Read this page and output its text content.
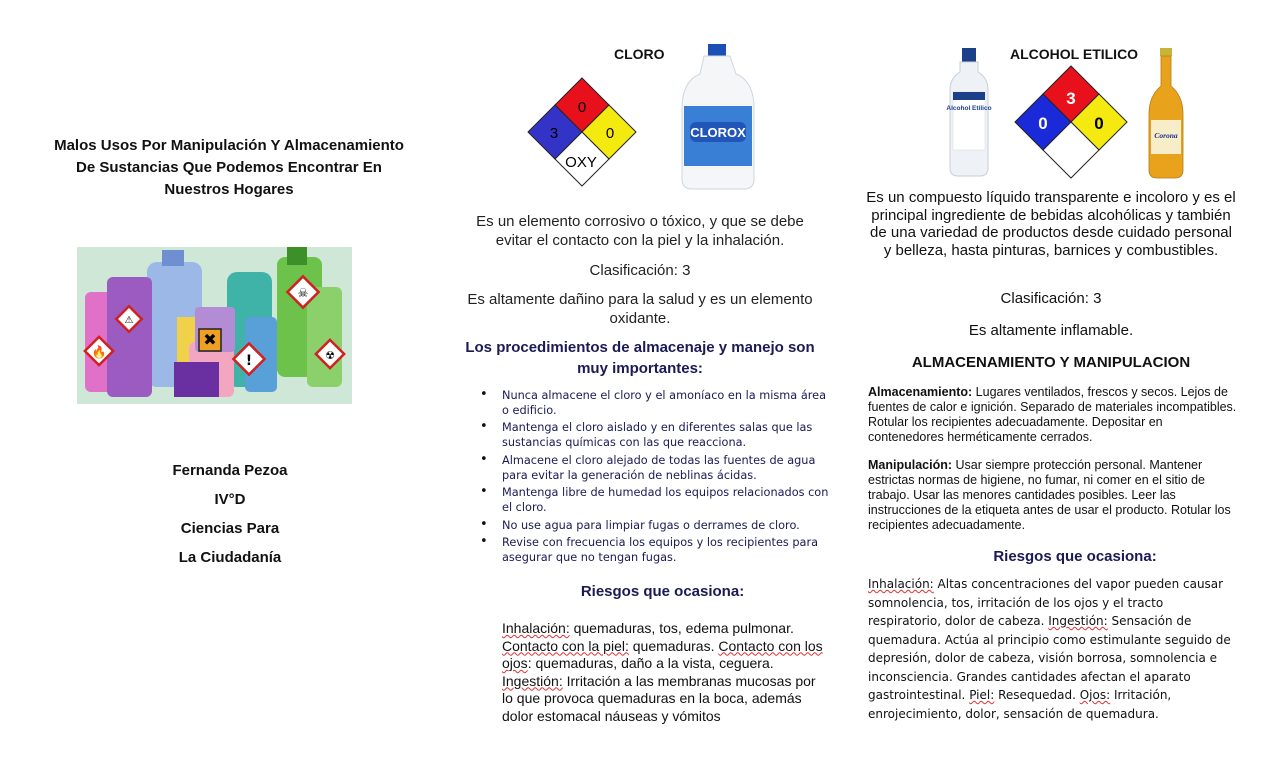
Malos Usos Por Manipulación Y Almacenamiento De Sustancias Que Podemos Encontrar En Nuestros Hogares
🔥
⚠
✖
!
☠
☢
Fernanda Pezoa
IV°D
Ciencias Para
La Ciudadanía
CLORO
0
3	0
OXY
CLOROX
Es un elemento corrosivo o tóxico, y que se debe evitar el contacto con la piel y la inhalación.
Clasificación: 3
Es altamente dañino para la salud y es un elemento oxidante.
Los procedimientos de almacenaje y manejo son muy importantes:
• Nunca almacene el cloro y el amoníaco en la misma área o edificio.
• Mantenga el cloro aislado y en diferentes salas que las sustancias químicas con las que reacciona.
• Almacene el cloro alejado de todas las fuentes de agua para evitar la generación de neblinas ácidas.
• Mantenga libre de humedad los equipos relacionados con el cloro.
• No use agua para limpiar fugas o derrames de cloro.
• Revise con frecuencia los equipos y los recipientes para asegurar que no tengan fugas.
Riesgos que ocasiona:
Inhalación: quemaduras, tos, edema pulmonar.
Contacto con la piel: quemaduras. Contacto con los ojos: quemaduras, daño a la vista, ceguera.
Ingestión: Irritación a las membranas mucosas por lo que provoca quemaduras en la boca, además dolor estomacal náuseas y vómitos
ALCOHOL ETILICO
Alcohol Etílico
3
0	0
Corona
Es un compuesto líquido transparente e incoloro y es el principal ingrediente de bebidas alcohólicas y también de una variedad de productos desde cuidado personal y belleza, hasta pinturas, barnices y combustibles.
Clasificación: 3
Es altamente inflamable.
ALMACENAMIENTO Y MANIPULACION
Almacenamiento: Lugares ventilados, frescos y secos. Lejos de fuentes de calor e ignición. Separado de materiales incompatibles. Rotular los recipientes adecuadamente. Depositar en contenedores herméticamente cerrados.
Manipulación: Usar siempre protección personal. Mantener estrictas normas de higiene, no fumar, ni comer en el sitio de trabajo. Usar las menores cantidades posibles. Leer las instrucciones de la etiqueta antes de usar el producto. Rotular los recipientes adecuadamente.
Riesgos que ocasiona:
Inhalación: Altas concentraciones del vapor pueden causar somnolencia, tos, irritación de los ojos y el tracto respiratorio, dolor de cabeza. Ingestión: Sensación de quemadura. Actúa al principio como estimulante seguido de depresión, dolor de cabeza, visión borrosa, somnolencia e inconsciencia. Grandes cantidades afectan el aparato gastrointestinal. Piel: Resequedad. Ojos: Irritación, enrojecimiento, dolor, sensación de quemadura.
